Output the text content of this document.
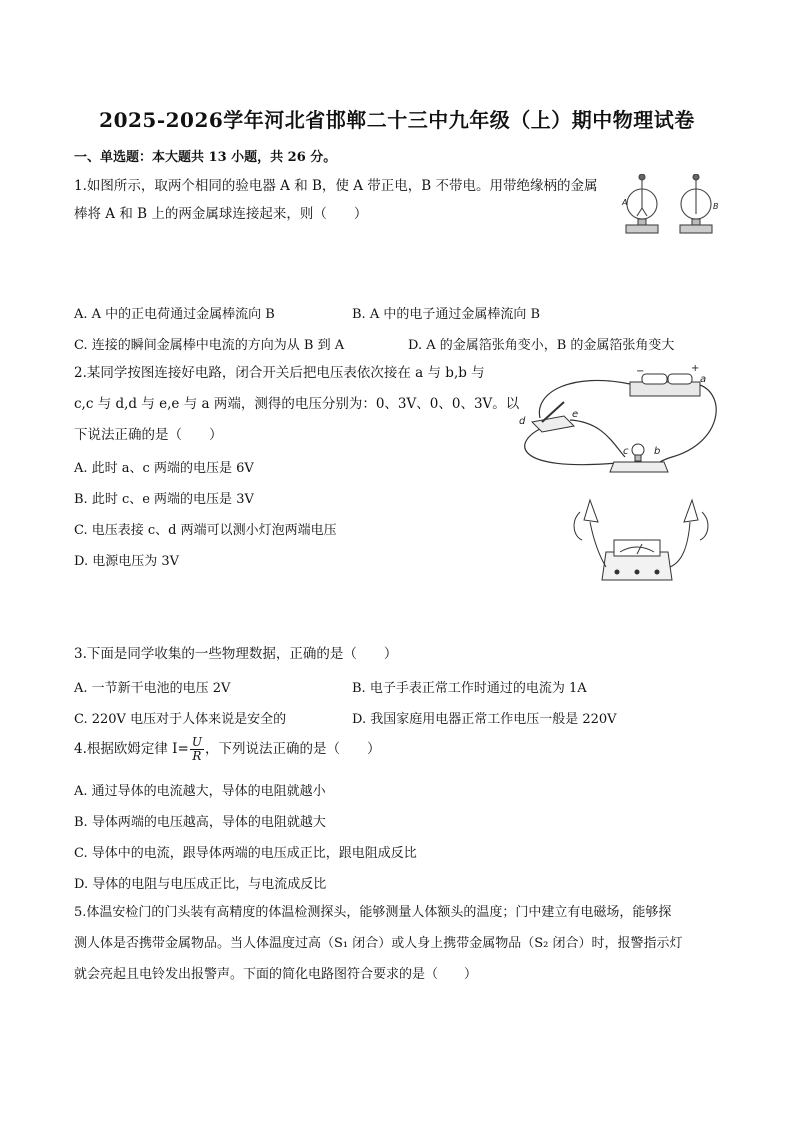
2025-2026学年河北省邯郸二十三中九年级（上）期中物理试卷
一、单选题：本大题共 13 小题，共 26 分。
1.如图所示，取两个相同的验电器 A 和 B，使 A 带正电，B 不带电。用带绝缘柄的金属
棒将 A 和 B 上的两金属球连接起来，则（　　）
A	B
A. A 中的正电荷通过金属棒流向 B	B. A 中的电子通过金属棒流向 B
C. 连接的瞬间金属棒中电流的方向为从 B 到 A	D. A 的金属箔张角变小，B 的金属箔张角变大
2.某同学按图连接好电路，闭合开关后把电压表依次接在 a 与 b,b 与
c,c 与 d,d 与 e,e 与 a 两端，测得的电压分别为：0、3V、0、0、3V。以
下说法正确的是（　　）
−	+
a
d
e
c	b
A. 此时 a、c 两端的电压是 6V
B. 此时 c、e 两端的电压是 3V
C. 电压表接 c、d 两端可以测小灯泡两端电压
D. 电源电压为 3V
3.下面是同学收集的一些物理数据，正确的是（　　）
A. 一节新干电池的电压 2V	B. 电子手表正常工作时通过的电流为 1A
C. 220V 电压对于人体来说是安全的	D. 我国家庭用电器正常工作电压一般是 220V
4.根据欧姆定律 $I= \frac{U}{R}$ ，下列说法正确的是（　　）
A. 通过导体的电流越大，导体的电阻就越小
B. 导体两端的电压越高，导体的电阻就越大
C. 导体中的电流，跟导体两端的电压成正比，跟电阻成反比
D. 导体的电阻与电压成正比，与电流成反比
5.体温安检门的门头装有高精度的体温检测探头，能够测量人体额头的温度；门中建立有电磁场，能够探
测人体是否携带金属物品。当人体温度过高（S₁ 闭合）或人身上携带金属物品（S₂ 闭合）时，报警指示灯
就会亮起且电铃发出报警声。下面的简化电路图符合要求的是（　　）
